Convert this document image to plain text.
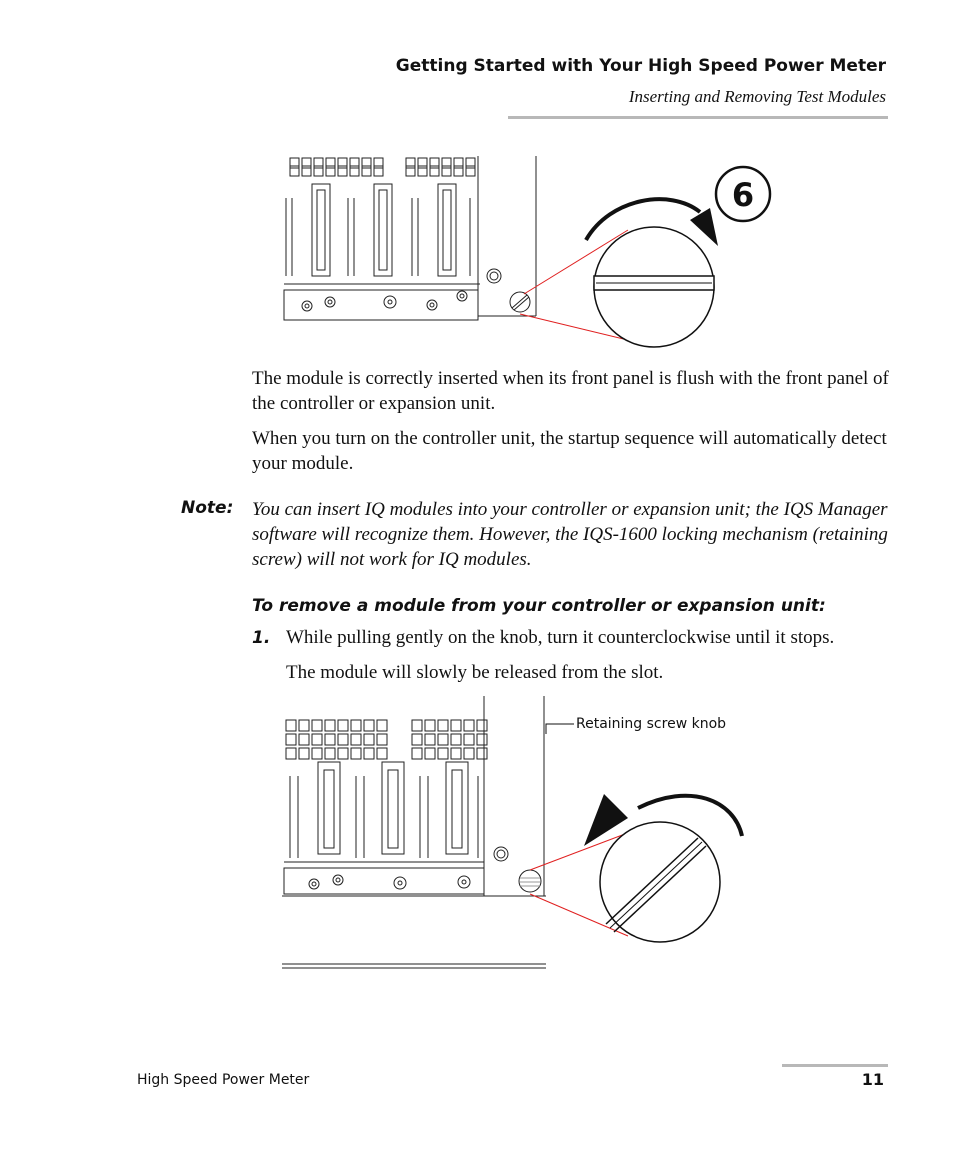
Getting Started with Your High Speed Power Meter
Inserting and Removing Test Modules
6

The module is correctly inserted when its front panel is flush with the front panel of the controller or expansion unit.

When you turn on the controller unit, the startup sequence will automatically detect your module.

Note: You can insert IQ modules into your controller or expansion unit; the IQS Manager software will recognize them. However, the IQS-1600 locking mechanism (retaining screw) will not work for IQ modules.

To remove a module from your controller or expansion unit:
1. While pulling gently on the knob, turn it counterclockwise until it stops.

The module will slowly be released from the slot.

Retaining screw knob
High Speed Power Meter	11
